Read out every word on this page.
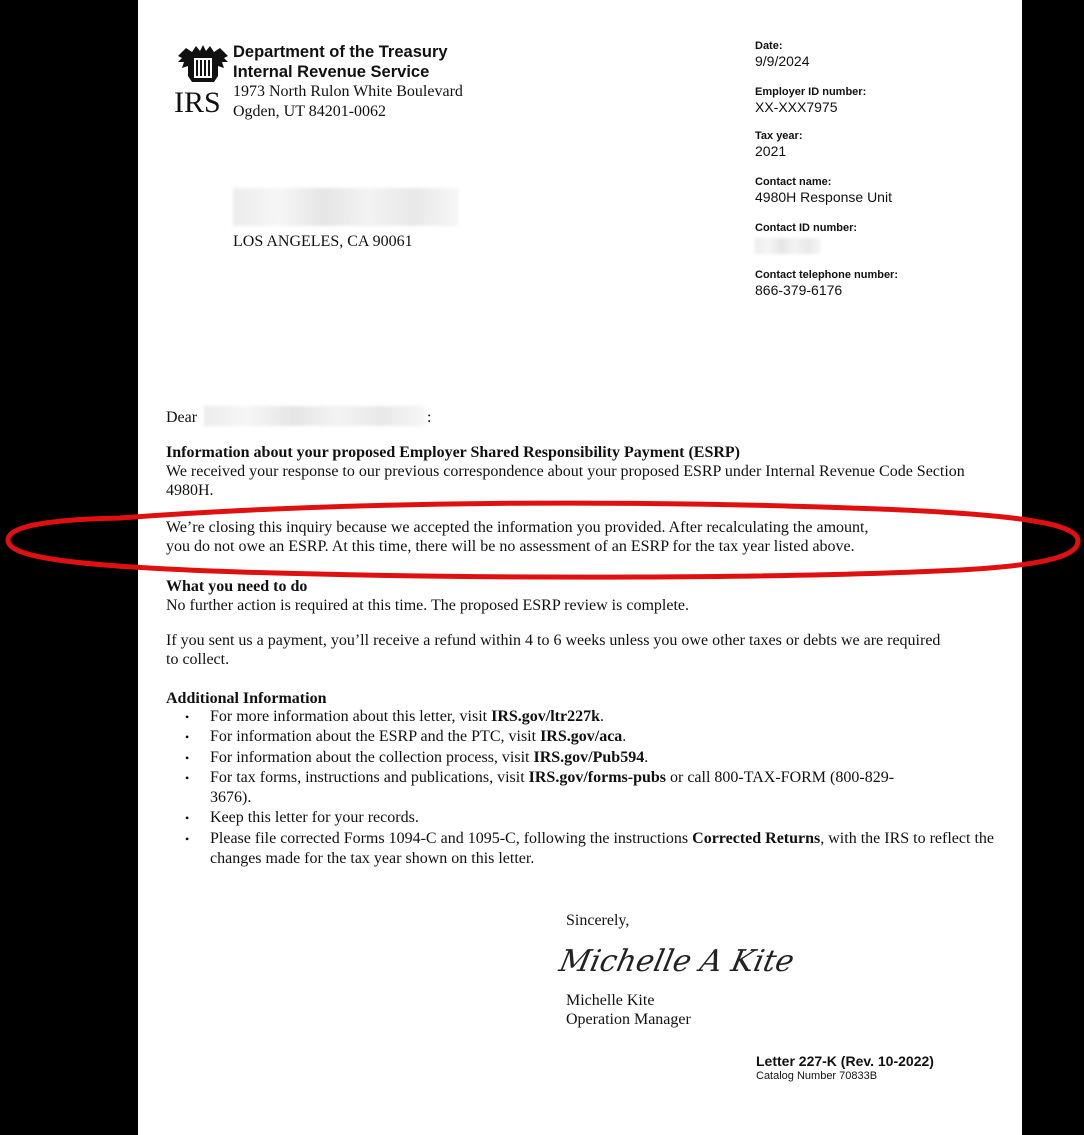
IRS
Department of the Treasury
Internal Revenue Service
1973 North Rulon White Boulevard
Ogden, UT 84201-0062
Date:
9/9/2024
Employer ID number:
XX-XXX7975
Tax year:
2021
Contact name:
4980H Response Unit
Contact ID number:
Contact telephone number:
866-379-6176
LOS ANGELES, CA 90061
Dear	:
Information about your proposed Employer Shared Responsibility Payment (ESRP)
We received your response to our previous correspondence about your proposed ESRP under Internal Revenue Code Section 4980H.
We’re closing this inquiry because we accepted the information you provided. After recalculating the amount,
you do not owe an ESRP. At this time, there will be no assessment of an ESRP for the tax year listed above.
What you need to do
No further action is required at this time. The proposed ESRP review is complete.
If you sent us a payment, you’ll receive a refund within 4 to 6 weeks unless you owe other taxes or debts we are required to collect.
Additional Information
• For more information about this letter, visit IRS.gov/ltr227k.
• For information about the ESRP and the PTC, visit IRS.gov/aca.
• For information about the collection process, visit IRS.gov/Pub594.
• For tax forms, instructions and publications, visit IRS.gov/forms-pubs or call 800-TAX-FORM (800-829-3676).
• Keep this letter for your records.
• Please file corrected Forms 1094-C and 1095-C, following the instructions Corrected Returns, with the IRS to reflect the changes made for the tax year shown on this letter.
Sincerely,
Michelle A Kite
Michelle Kite
Operation Manager
Letter 227-K (Rev. 10-2022)
Catalog Number 70833B
